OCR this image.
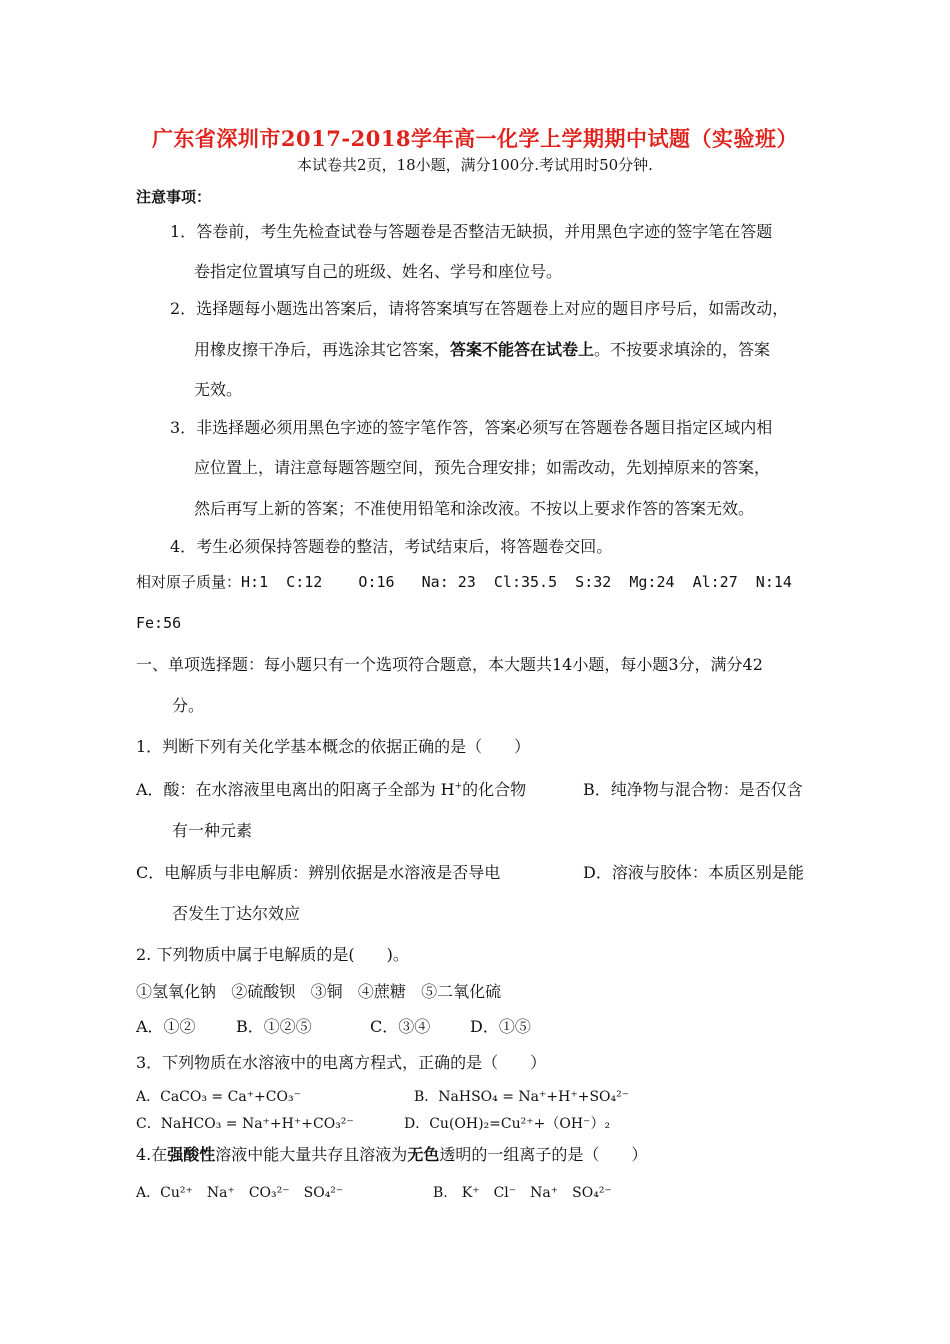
广东省深圳市2017-2018学年高一化学上学期期中试题（实验班）
本试卷共2页，18小题，满分100分.考试用时50分钟.
注意事项：
1．答卷前，考生先检查试卷与答题卷是否整洁无缺损，并用黑色字迹的签字笔在答题
卷指定位置填写自己的班级、姓名、学号和座位号。
2．选择题每小题选出答案后，请将答案填写在答题卷上对应的题目序号后，如需改动，
用橡皮擦干净后，再选涂其它答案，答案不能答在试卷上。不按要求填涂的，答案
无效。
3．非选择题必须用黑色字迹的签字笔作答，答案必须写在答题卷各题目指定区域内相
应位置上，请注意每题答题空间，预先合理安排；如需改动，先划掉原来的答案，
然后再写上新的答案；不准使用铅笔和涂改液。不按以上要求作答的答案无效。
4．考生必须保持答题卷的整洁，考试结束后，将答题卷交回。
相对原子质量：H:1 C:12 O:16 Na: 23 Cl:35.5 S:32 Mg:24 Al:27 N:14
Fe:56
一、单项选择题：每小题只有一个选项符合题意，本大题共14小题，每小题3分，满分42
分。
1．判断下列有关化学基本概念的依据正确的是（　　）
A．酸：在水溶液里电离出的阳离子全部为 H+的化合物	B．纯净物与混合物：是否仅含
有一种元素
C．电解质与非电解质：辨别依据是水溶液是否导电	D．溶液与胶体：本质区别是能
否发生丁达尔效应
2. 下列物质中属于电解质的是(　　)。
①氢氧化钠 ②硫酸钡 ③铜 ④蔗糖 ⑤二氧化硫
A．①②	B．①②⑤	C．③④ D．①⑤
3．下列物质在水溶液中的电离方程式，正确的是（　　）
A．CaCO₃ = Ca⁺+CO₃⁻	B．NaHSO₄ = Na⁺+H⁺+SO₄²⁻
C．NaHCO₃ = Na⁺+H⁺+CO₃²⁻	D．Cu(OH)₂=Cu²⁺+（OH⁻）₂
4.在强酸性溶液中能大量共存且溶液为无色透明的一组离子的是（　　）
A．Cu²⁺　Na⁺　CO₃²⁻　SO₄²⁻	B.　K⁺　Cl⁻　Na⁺　SO₄²⁻
